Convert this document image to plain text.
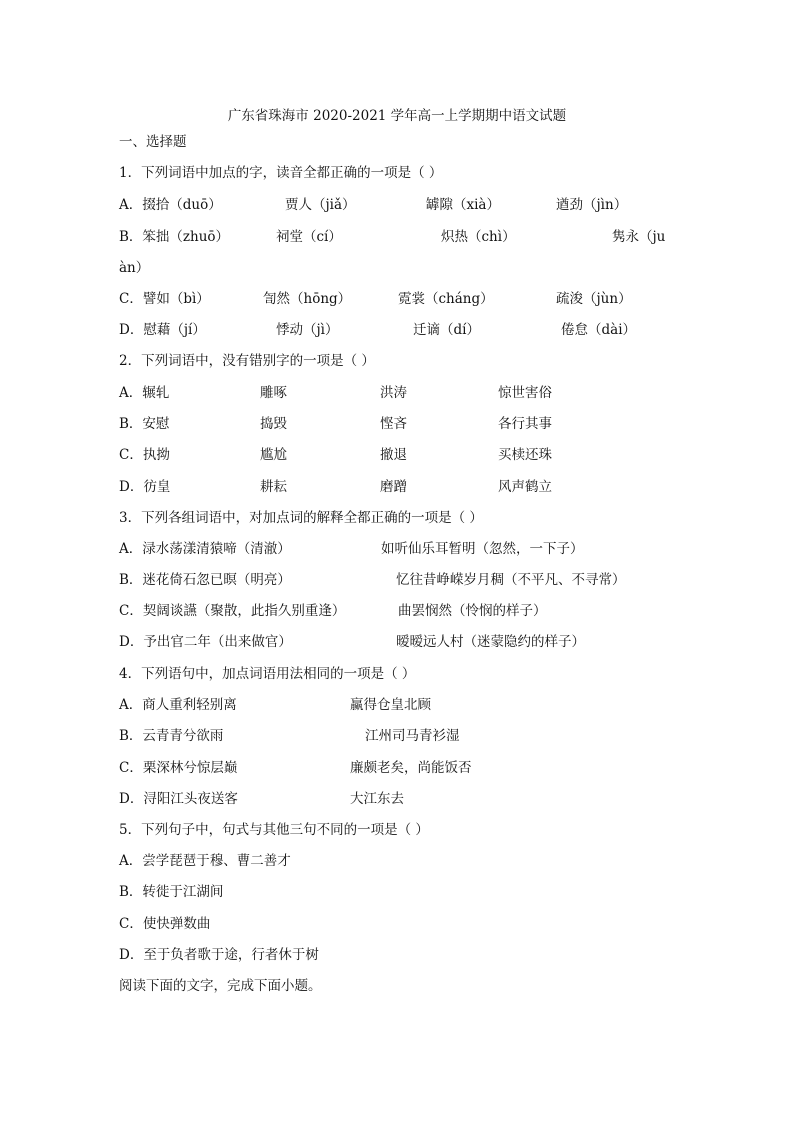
广东省珠海市 2020-2021 学年高一上学期期中语文试题
一、选择题
1．下列词语中加点的字，读音全都正确的一项是（ ）
A．掇拾（duō）	贾人（jiǎ）	罅隙（xià）	遒劲（jìn）
B．笨拙（zhuō）	祠堂（cí）	炽热（chì）	隽永（ju
àn）
C．譬如（bì）	訇然（hōng）	霓裳（cháng）	疏浚（jùn）
D．慰藉（jí）	悸动（jì）	迁谪（dí）	倦怠（dài）
2．下列词语中，没有错别字的一项是（ ）
A．辗轧	雕啄	洪涛	惊世害俗
B．安慰	捣毁	悭吝	各行其事
C．执拗	尴尬	撤退	买椟还珠
D．彷皇	耕耘	磨蹭	风声鹤立
3．下列各组词语中，对加点词的解释全都正确的一项是（ ）
A．渌水荡漾清猿啼（清澈）	如听仙乐耳暂明（忽然，一下子）
B．迷花倚石忽已暝（明亮）	忆往昔峥嵘岁月稠（不平凡、不寻常）
C．契阔谈讌（聚散，此指久别重逢）	曲罢悯然（怜悯的样子）
D．予出官二年（出来做官）	暧暧远人村（迷蒙隐约的样子）
4．下列语句中，加点词语用法相同的一项是（ ）
A．商人重利轻别离	赢得仓皇北顾
B．云青青兮欲雨	江州司马青衫湿
C．栗深林兮惊层巅	廉颇老矣，尚能饭否
D．浔阳江头夜送客	大江东去
5．下列句子中，句式与其他三句不同的一项是（ ）
A．尝学琵琶于穆、曹二善才
B．转徙于江湖间
C．使快弹数曲
D．至于负者歌于途，行者休于树
阅读下面的文字，完成下面小题。
